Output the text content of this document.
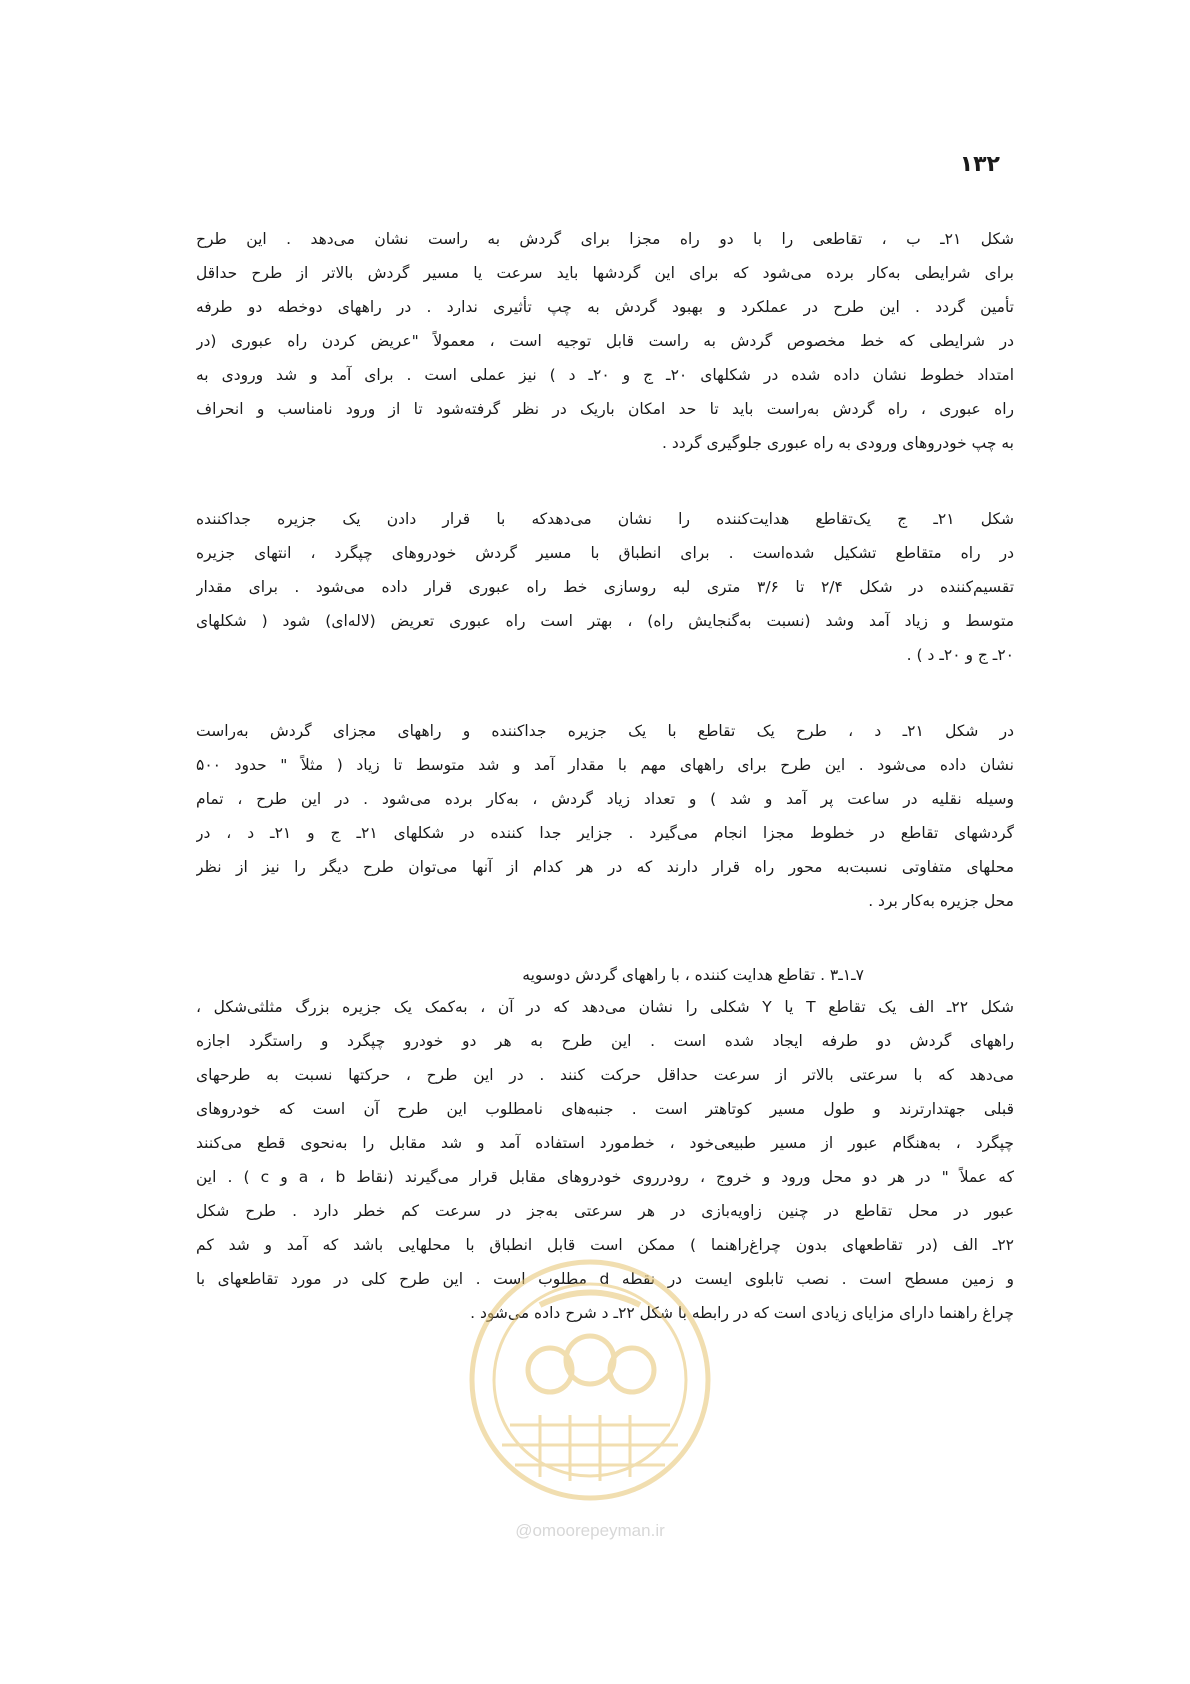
۱۳۲
شکل ۲۱ـ ب ، تقاطعی را با دو راه مجزا برای گردش به راست نشان می‌دهد . این طرح
برای شرایطی به‌کار برده می‌شود که برای این گردشها باید سرعت یا مسیر گردش بالاتر از طرح حداقل
تأمین گردد . این طرح در عملکرد و بهبود گردش به چپ تأثیری ندارد . در راههای دوخطه دو طرفه
در شرایطی که خط مخصوص گردش به راست قابل توجیه است ، معمولاً "عریض کردن راه عبوری (در
امتداد خطوط نشان داده شده در شکلهای ۲۰ـ ج و ۲۰ـ د ) نیز عملی است . برای آمد و شد ورودی به
راه عبوری ، راه گردش به‌راست باید تا حد امکان باریک در نظر گرفته‌شود تا از ورود نامناسب و انحراف
به چپ خودروهای ورودی به راه عبوری جلوگیری گردد .
شکل ۲۱ـ ج یک‌تقاطع هدایت‌کننده را نشان می‌دهدکه با قرار دادن یک جزیره جداکننده
در راه متقاطع تشکیل شده‌است . برای انطباق با مسیر گردش خودروهای چپگرد ، انتهای جزیره
تقسیم‌کننده در شکل ۲/۴ تا ۳/۶ متری لبه روسازی خط راه عبوری قرار داده می‌شود . برای مقدار
متوسط و زیاد آمد وشد (نسبت به‌گنجایش راه) ، بهتر است راه عبوری تعریض (لاله‌ای) شود ( شکلهای
۲۰ـ ج و ۲۰ـ د ) .
در شکل ۲۱ـ د ، طرح یک تقاطع با یک جزیره جداکننده و راههای مجزای گردش به‌راست
نشان داده می‌شود . این طرح برای راههای مهم با مقدار آمد و شد متوسط تا زیاد ( مثلاً " حدود ۵۰۰
وسیله نقلیه در ساعت پر آمد و شد ) و تعداد زیاد گردش ، به‌کار برده می‌شود . در این طرح ، تمام
گردشهای تقاطع در خطوط مجزا انجام می‌گیرد . جزایر جدا کننده در شکلهای ۲۱ـ ج و ۲۱ـ د ، در
محلهای متفاوتی نسبت‌به محور راه قرار دارند که در هر کدام از آنها می‌توان طرح دیگر را نیز از نظر
محل جزیره به‌کار برد .
۷ـ۱ـ۳ . تقاطع هدایت کننده ، با راههای گردش دوسویه
شکل ۲۲ـ الف یک تقاطع T یا Y شکلی را نشان می‌دهد که در آن ، به‌کمک یک جزیره بزرگ مثلثی‌شکل ،
راههای گردش دو طرفه ایجاد شده است . این طرح به هر دو خودرو چپگرد و راستگرد اجازه
می‌دهد که با سرعتی بالاتر از سرعت حداقل حرکت کنند . در این طرح ، حرکتها نسبت به طرحهای
قبلی جهتدارترند و طول مسیر کوتاهتر است . جنبه‌های نامطلوب این طرح آن است که خودروهای
چپگرد ، به‌هنگام عبور از مسیر طبیعی‌خود ، خط‌مورد استفاده آمد و شد مقابل را به‌نحوی قطع می‌کنند
که عملاً " در هر دو محل ورود و خروج ، رودرروی خودروهای مقابل قرار می‌گیرند (نقاط a ، b و c ) . این
عبور در محل تقاطع در چنین زاویه‌بازی در هر سرعتی به‌جز در سرعت کم خطر دارد . طرح شکل
۲۲ـ الف (در تقاطعهای بدون چراغ‌راهنما ) ممکن است قابل انطباق با محلهایی باشد که آمد و شد کم
و زمین مسطح است . نصب تابلوی ایست در نقطه d مطلوب است . این طرح کلی در مورد تقاطعهای با
چراغ راهنما دارای مزایای زیادی است که در رابطه با شکل ۲۲ـ د شرح داده می‌شود .
@omoorepeyman.ir
